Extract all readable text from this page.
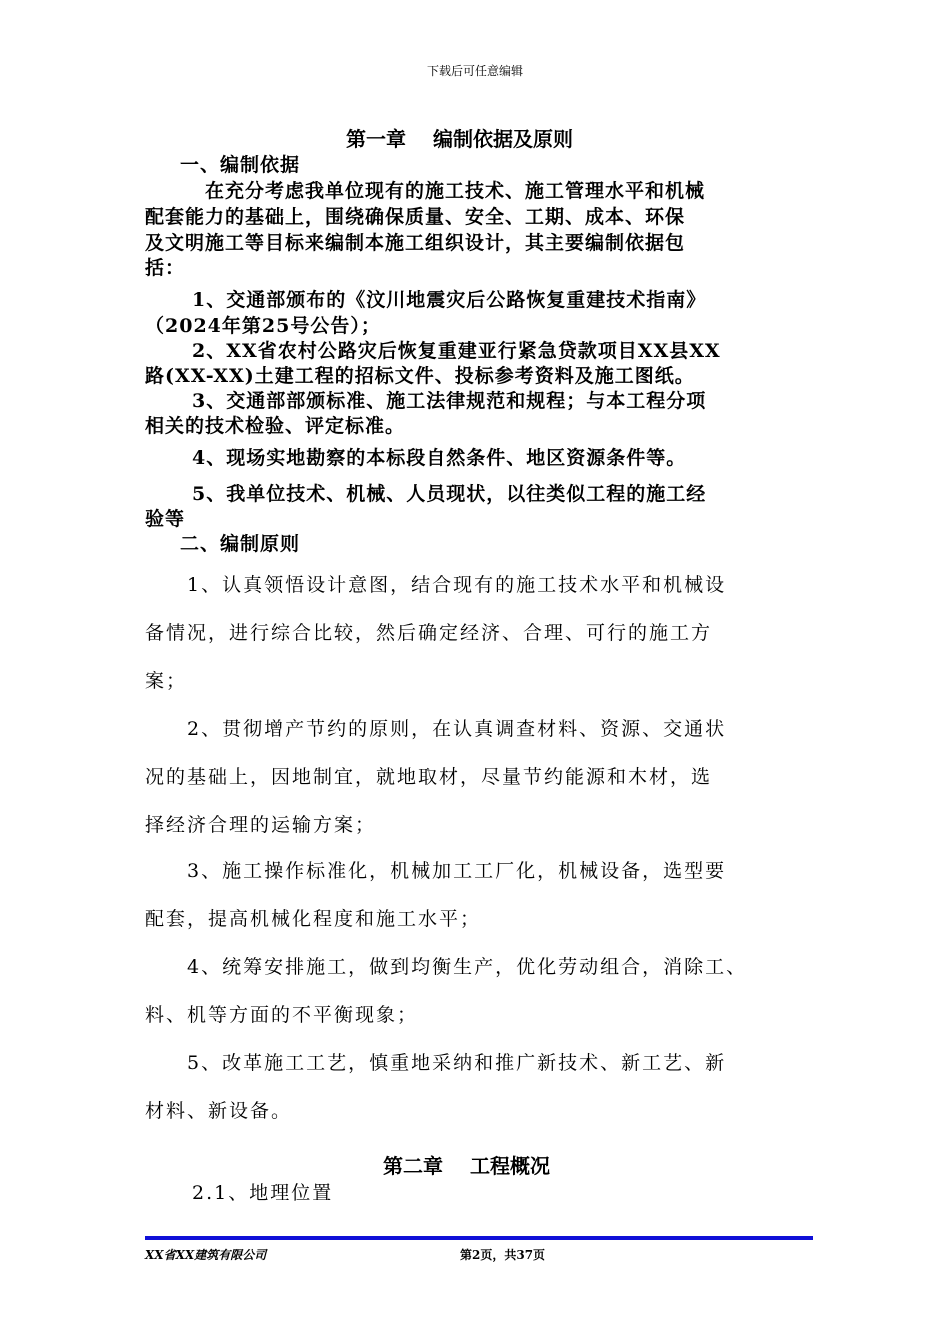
下载后可任意编辑
第一章　 编制依据及原则
一、编制依据
在充分考虑我单位现有的施工技术、施工管理水平和机械
配套能力的基础上，围绕确保质量、安全、工期、成本、环保
及文明施工等目标来编制本施工组织设计，其主要编制依据包
括：
1、交通部颁布的《汶川地震灾后公路恢复重建技术指南》
（2024年第25号公告）；
2、XX省农村公路灾后恢复重建亚行紧急贷款项目XX县XX
路(XX-XX)土建工程的招标文件、投标参考资料及施工图纸。
3、交通部部颁标准、施工法律规范和规程；与本工程分项
相关的技术检验、评定标准。
4、现场实地勘察的本标段自然条件、地区资源条件等。
5、我单位技术、机械、人员现状，以往类似工程的施工经
验等
二、编制原则
1、认真领悟设计意图，结合现有的施工技术水平和机械设
备情况，进行综合比较，然后确定经济、合理、可行的施工方
案；
2、贯彻增产节约的原则，在认真调查材料、资源、交通状
况的基础上，因地制宜，就地取材，尽量节约能源和木材，选
择经济合理的运输方案；
3、施工操作标准化，机械加工工厂化，机械设备，选型要
配套，提高机械化程度和施工水平；
4、统筹安排施工，做到均衡生产，优化劳动组合，消除工、
料、机等方面的不平衡现象；
5、改革施工工艺，慎重地采纳和推广新技术、新工艺、新
材料、新设备。
第二章　 工程概况
2.1、地理位置
XX省XX建筑有限公司	第2页，共37页
